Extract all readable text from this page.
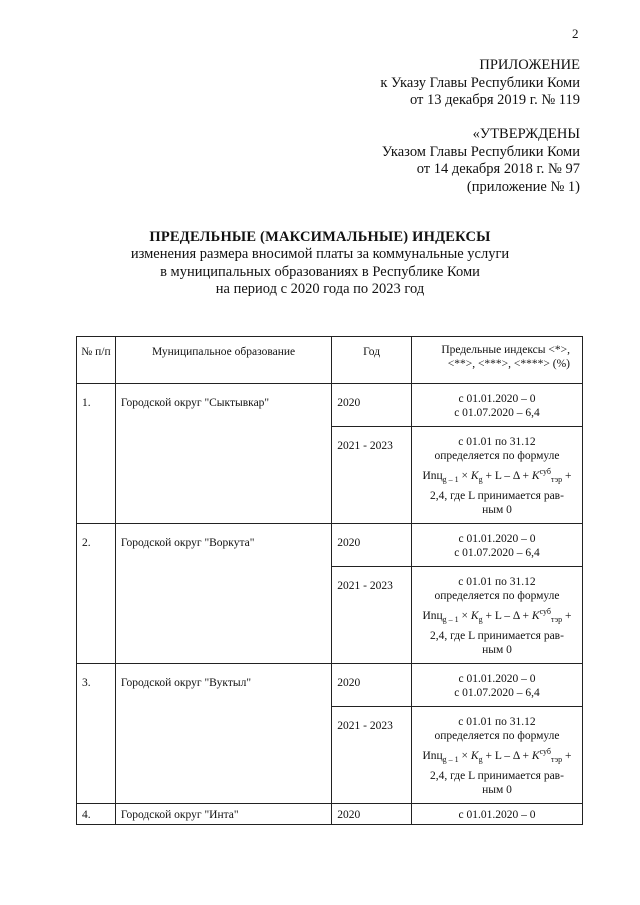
2
ПРИЛОЖЕНИЕ
к Указу Главы Республики Коми
от 13 декабря 2019 г. № 119
«УТВЕРЖДЕНЫ
Указом Главы Республики Коми
от 14 декабря 2018 г. № 97
(приложение № 1)
ПРЕДЕЛЬНЫЕ (МАКСИМАЛЬНЫЕ) ИНДЕКСЫ
изменения размера вносимой платы за коммунальные услуги
в муниципальных образованиях в Республике Коми
на период с 2020 года по 2023 год
№ п/п	Муниципальное образование	Год	Предельные индексы <*>, <**>, <***>, <****> (%)
1.	Городской округ "Сыктывкар"	2020	с 01.01.2020 – 0
с 01.07.2020 – 6,4

		2021 - 2023	с 01.01 по 31.12
определяется по формуле
$Иnц_{g - 1} \times K_g + L - \Delta + K^{суб}_{тэр}$ +
2,4, где L принимается рав-
ным 0

2.	Городской округ "Воркута"	2020	с 01.01.2020 – 0
с 01.07.2020 – 6,4

		2021 - 2023	с 01.01 по 31.12
определяется по формуле
$Иnц_{g - 1} \times K_g + L - \Delta + K^{суб}_{тэр}$ +
2,4, где L принимается рав-
ным 0

3.	Городской округ "Вуктыл"	2020	с 01.01.2020 – 0
с 01.07.2020 – 6,4

		2021 - 2023	с 01.01 по 31.12
определяется по формуле
$Иnц_{g - 1} \times K_g + L - \Delta + K^{суб}_{тэр}$ +
2,4, где L принимается рав-
ным 0

4.	Городской округ "Инта"	2020	с 01.01.2020 – 0
